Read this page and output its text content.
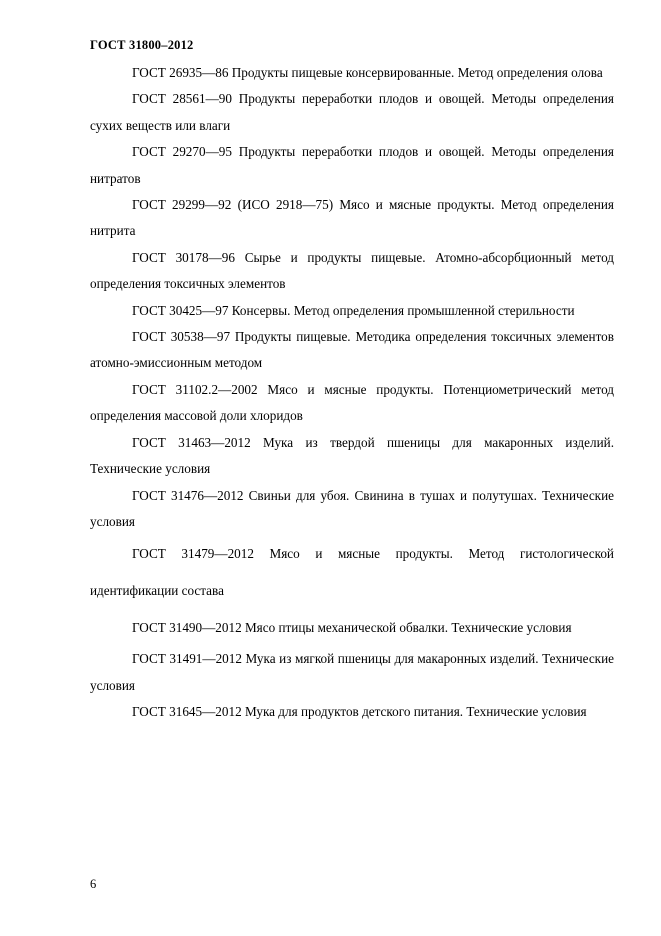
ГОСТ 31800–2012

ГОСТ 26935—86 Продукты пищевые консервированные. Метод определения олова

ГОСТ 28561—90 Продукты переработки плодов и овощей. Методы определения сухих веществ или влаги

ГОСТ 29270—95 Продукты переработки плодов и овощей. Методы определения нитратов

ГОСТ 29299—92 (ИСО 2918—75) Мясо и мясные продукты. Метод определения нитрита

ГОСТ 30178—96 Сырье и продукты пищевые. Атомно-абсорбционный метод определения токсичных элементов

ГОСТ 30425—97 Консервы. Метод определения промышленной стерильности

ГОСТ 30538—97 Продукты пищевые. Методика определения токсичных элементов атомно-эмиссионным методом

ГОСТ 31102.2—2002 Мясо и мясные продукты. Потенциометрический метод определения массовой доли хлоридов

ГОСТ 31463—2012 Мука из твердой пшеницы для макаронных изделий. Технические условия

ГОСТ 31476—2012 Свиньи для убоя. Свинина в тушах и полутушах. Технические условия

ГОСТ 31479—2012 Мясо и мясные продукты. Метод гистологической идентификации состава

ГОСТ 31490—2012 Мясо птицы механической обвалки. Технические условия

ГОСТ 31491—2012 Мука из мягкой пшеницы для макаронных изделий. Технические условия

ГОСТ 31645—2012 Мука для продуктов детского питания. Технические условия

6
